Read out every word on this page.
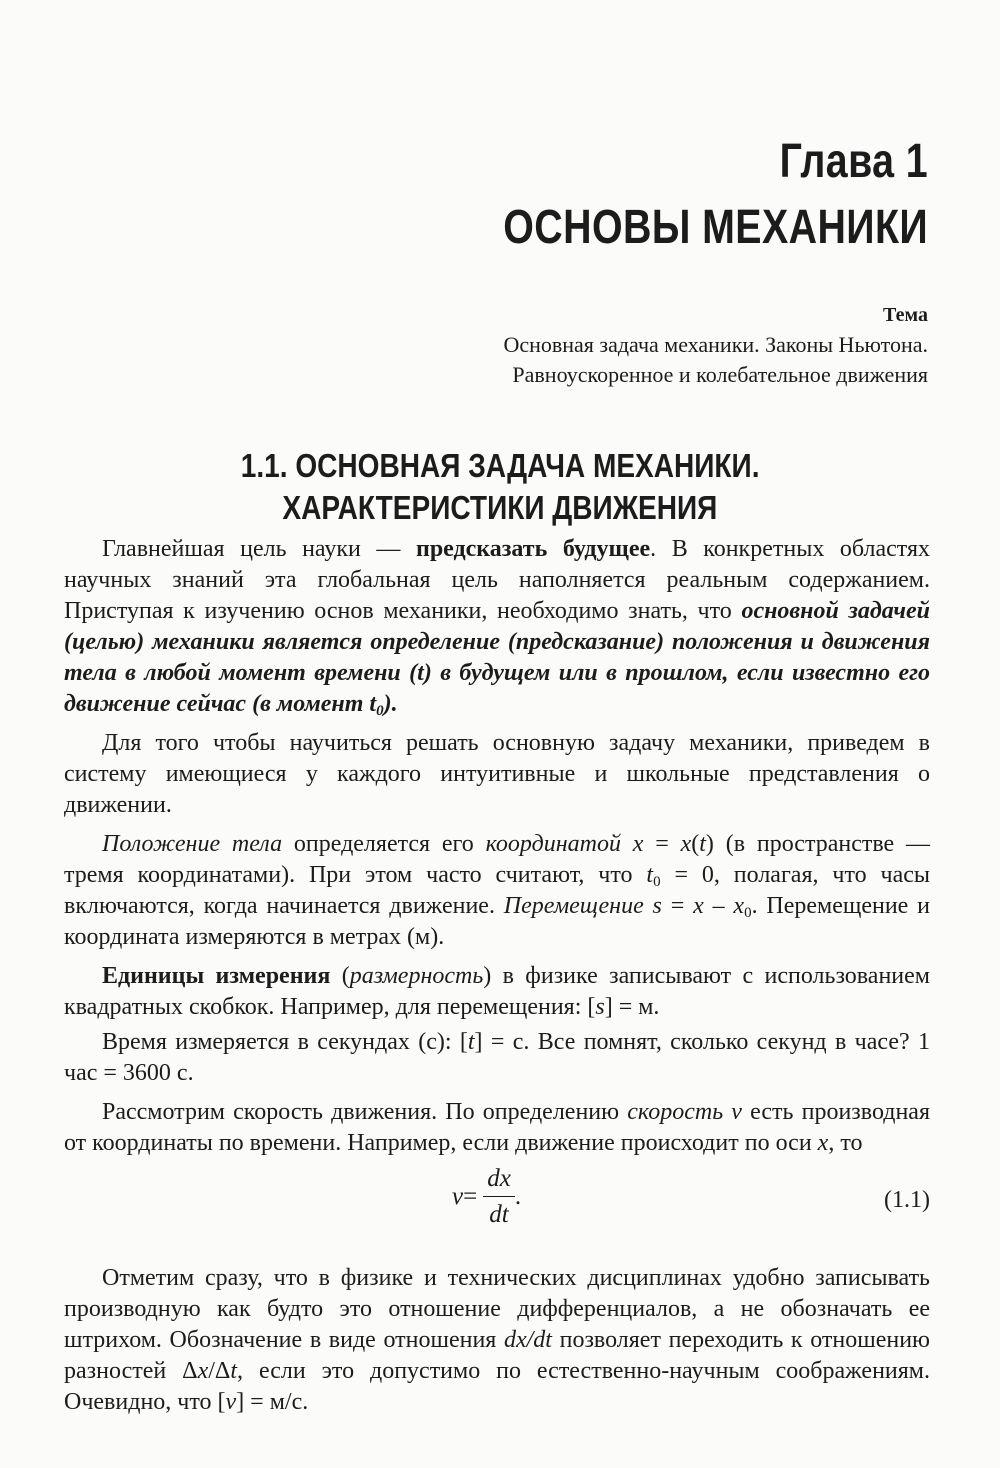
Глава 1
ОСНОВЫ МЕХАНИКИ
Тема
Основная задача механики. Законы Ньютона.
Равноускоренное и колебательное движения
1.1. ОСНОВНАЯ ЗАДАЧА МЕХАНИКИ.
ХАРАКТЕРИСТИКИ ДВИЖЕНИЯ

Главнейшая цель науки — предсказать будущее. В конкретных областях научных знаний эта глобальная цель наполняется реальным содержанием. Приступая к изучению основ механики, необходимо знать, что основной задачей (целью) механики является определение (предсказание) положения и движения тела в любой момент времени (t) в будущем или в прошлом, если известно его движение сейчас (в момент $t_0$).

Для того чтобы научиться решать основную задачу механики, приведем в систему имеющиеся у каждого интуитивные и школьные представления о движении.

Положение тела определяется его координатой x = x(t) (в пространстве — тремя координатами). При этом часто считают, что $t_0 = 0$, полагая, что часы включаются, когда начинается движение. Перемещение $s = x - x_0$. Перемещение и координата измеряются в метрах (м).

Единицы измерения (размерность) в физике записывают с использованием квадратных скобкок. Например, для перемещения: [s] = м.

Время измеряется в секундах (с): [t] = с. Все помнят, сколько секунд в часе? 1 час = 3600 с.

Рассмотрим скорость движения. По определению скорость v есть производная от координаты по времени. Например, если движение происходит по оси x, то

$v = \frac{dx}{dt}$ .	(1.1)

Отметим сразу, что в физике и технических дисциплинах удобно записывать производную как будто это отношение дифференциалов, а не обозначать ее штрихом. Обозначение в виде отношения dx/dt позволяет переходить к отношению разностей Δx/Δt, если это допустимо по естественно-научным соображениям. Очевидно, что [v] = м/с.
